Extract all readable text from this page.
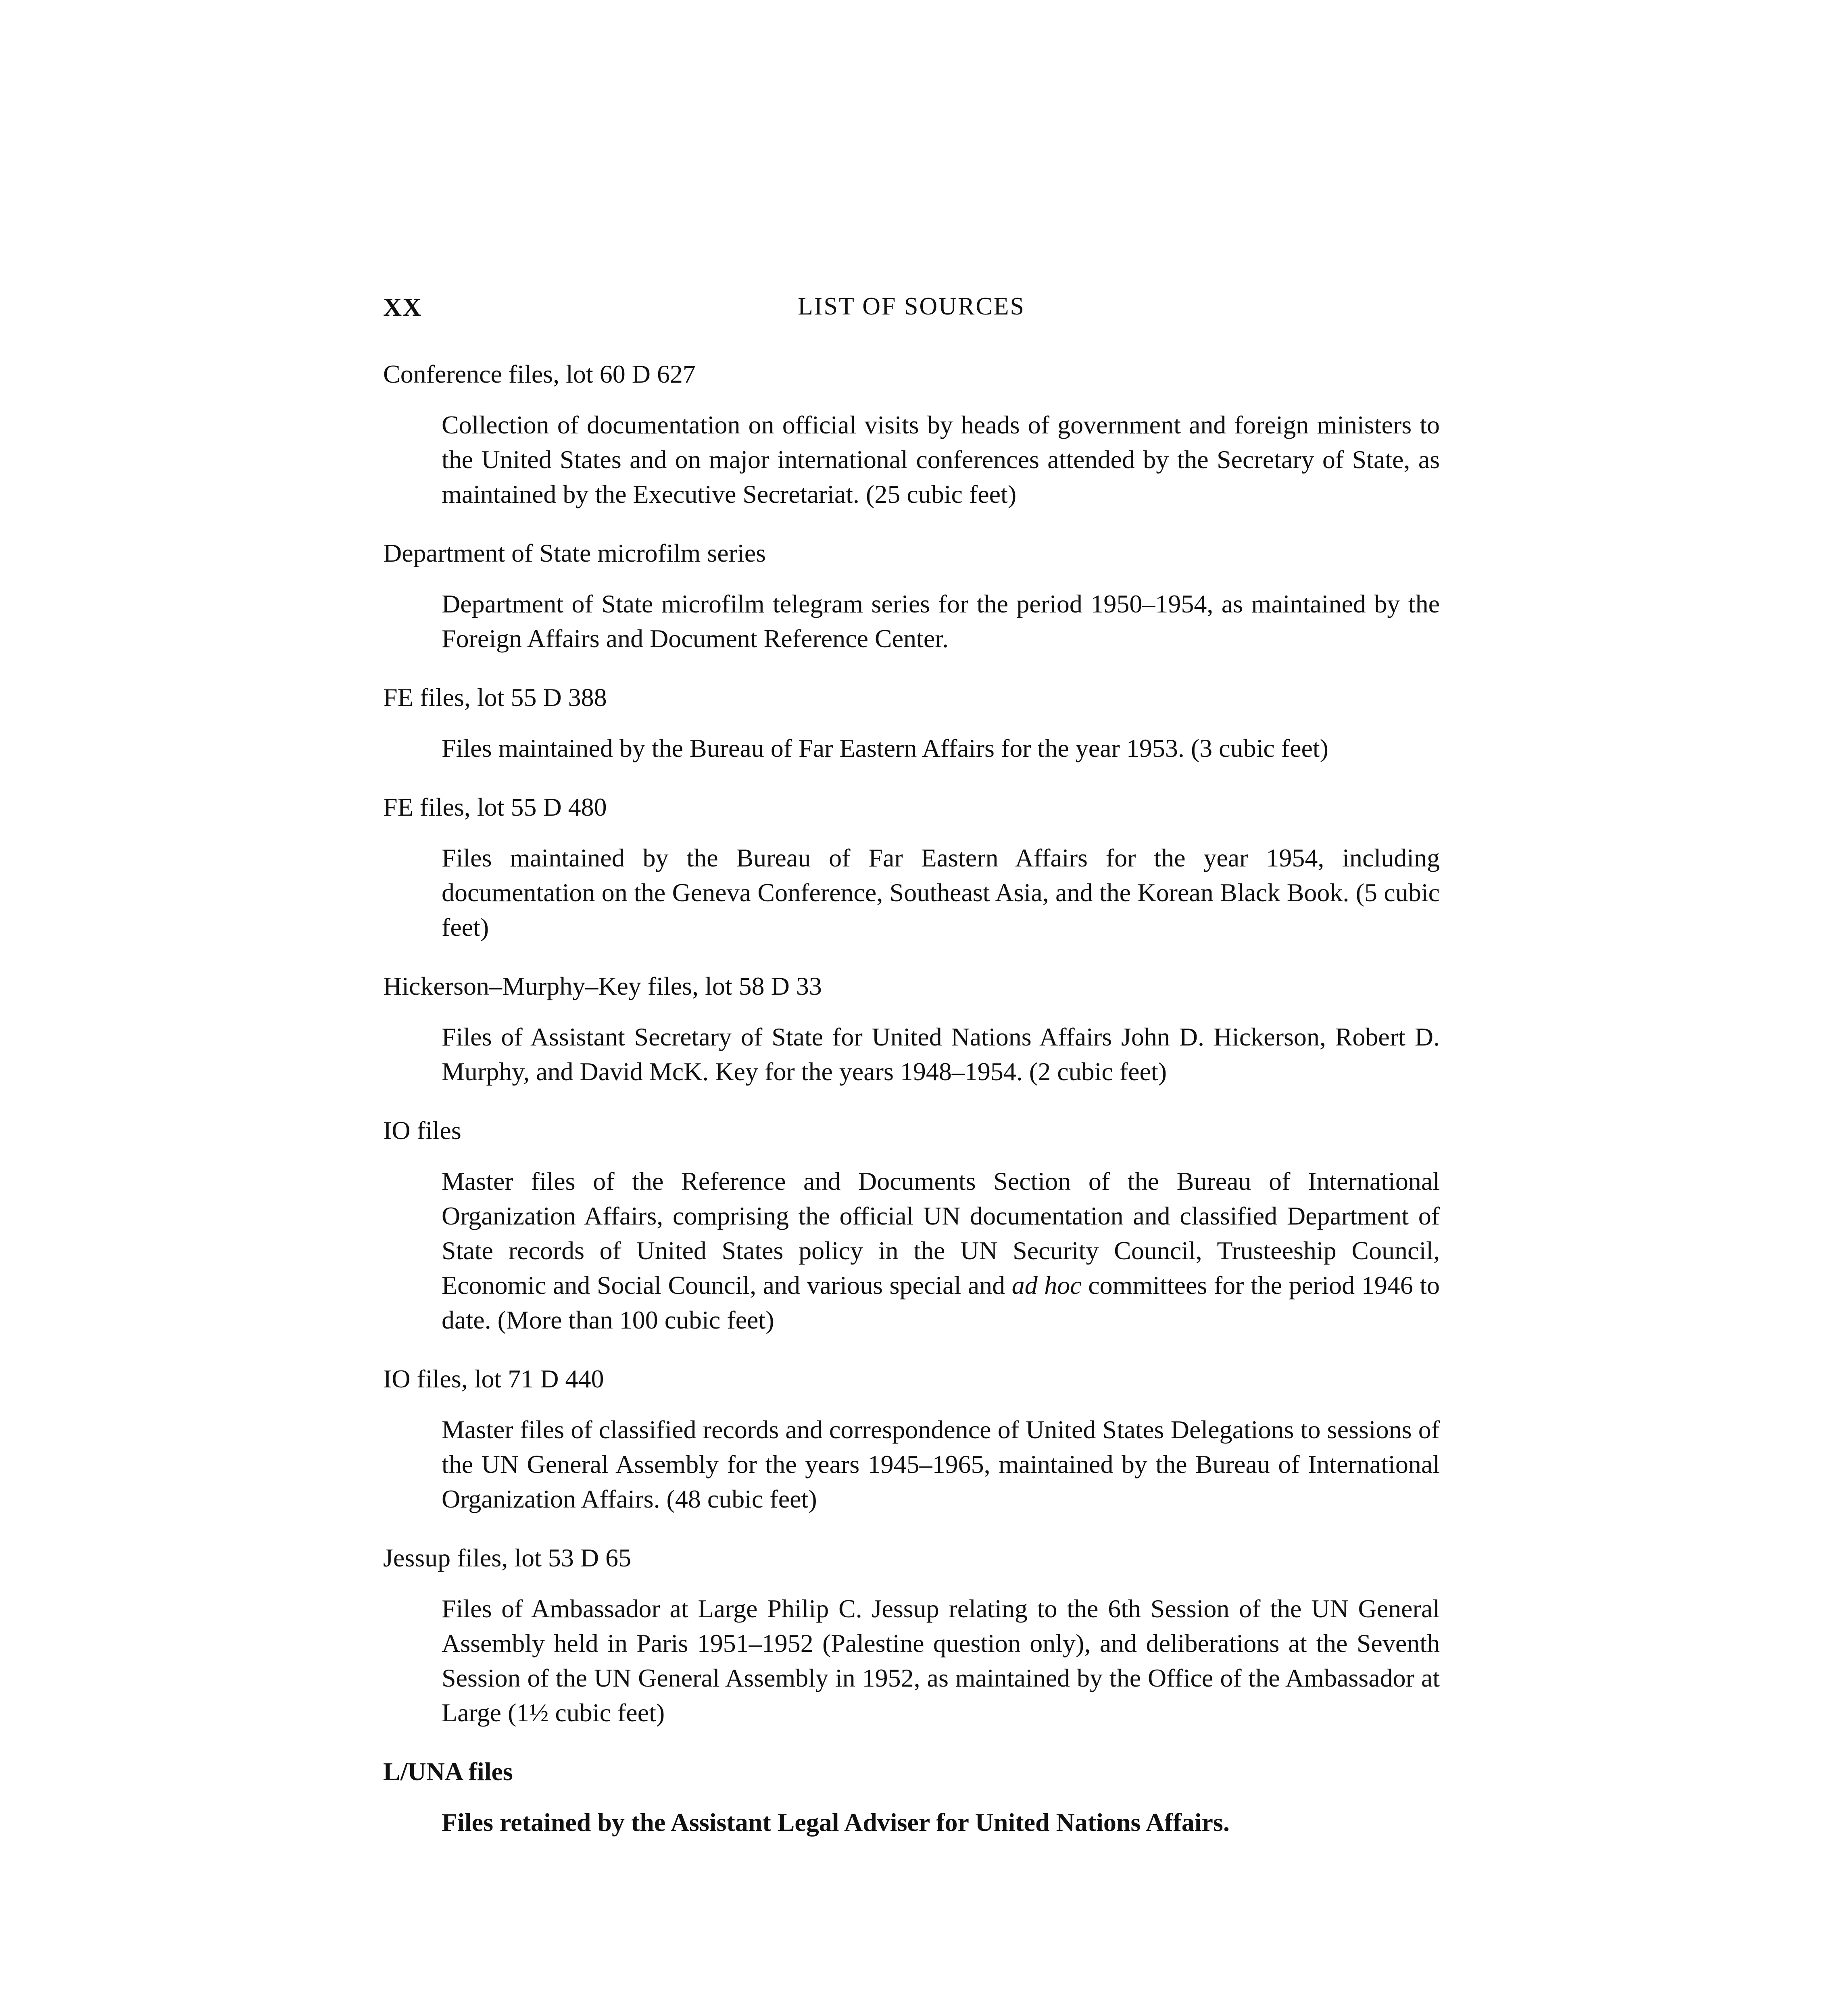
XX	LIST OF SOURCES
Conference files, lot 60 D 627
Collection of documentation on official visits by heads of government and foreign ministers to the United States and on major international conferences attended by the Secretary of State, as maintained by the Executive Secretariat. (25 cubic feet)
Department of State microfilm series
Department of State microfilm telegram series for the period 1950–1954, as maintained by the Foreign Affairs and Document Reference Center.
FE files, lot 55 D 388
Files maintained by the Bureau of Far Eastern Affairs for the year 1953. (3 cubic feet)
FE files, lot 55 D 480
Files maintained by the Bureau of Far Eastern Affairs for the year 1954, including documentation on the Geneva Conference, Southeast Asia, and the Korean Black Book. (5 cubic feet)
Hickerson–Murphy–Key files, lot 58 D 33
Files of Assistant Secretary of State for United Nations Affairs John D. Hickerson, Robert D. Murphy, and David McK. Key for the years 1948–1954. (2 cubic feet)
IO files
Master files of the Reference and Documents Section of the Bureau of International Organization Affairs, comprising the official UN documentation and classified Department of State records of United States policy in the UN Security Council, Trusteeship Council, Economic and Social Council, and various special and ad hoc committees for the period 1946 to date. (More than 100 cubic feet)
IO files, lot 71 D 440
Master files of classified records and correspondence of United States Delegations to sessions of the UN General Assembly for the years 1945–1965, maintained by the Bureau of International Organization Affairs. (48 cubic feet)
Jessup files, lot 53 D 65
Files of Ambassador at Large Philip C. Jessup relating to the 6th Session of the UN General Assembly held in Paris 1951–1952 (Palestine question only), and deliberations at the Seventh Session of the UN General Assembly in 1952, as maintained by the Office of the Ambassador at Large (1½ cubic feet)
L/UNA files
Files retained by the Assistant Legal Adviser for United Nations Affairs.
